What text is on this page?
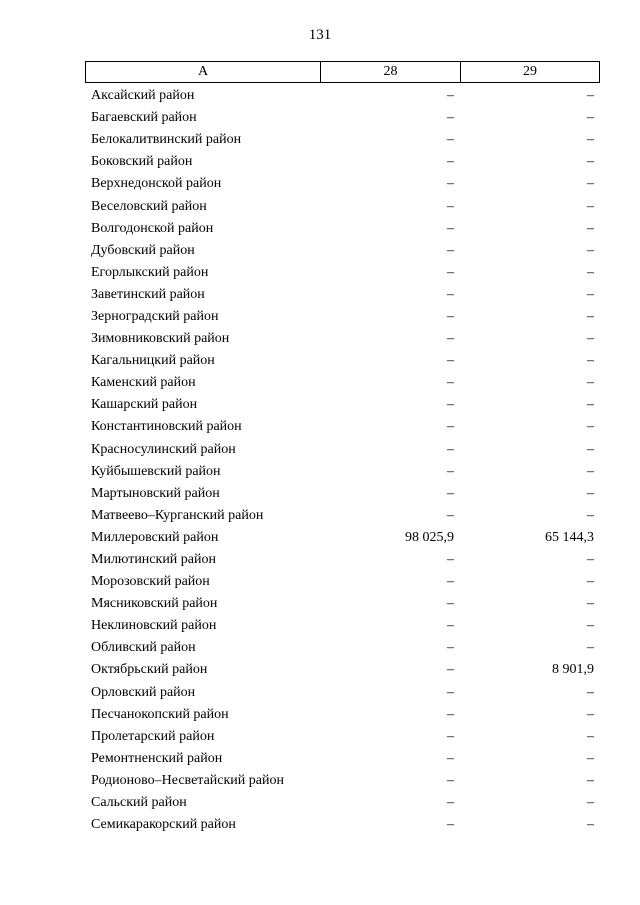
131
А	28	29
Аксайский район	–	–
Багаевский район	–	–
Белокалитвинский район	–	–
Боковский район	–	–
Верхнедонской район	–	–
Веселовский район	–	–
Волгодонской район	–	–
Дубовский район	–	–
Егорлыкский район	–	–
Заветинский район	–	–
Зерноградский район	–	–
Зимовниковский район	–	–
Кагальницкий район	–	–
Каменский район	–	–
Кашарский район	–	–
Константиновский район	–	–
Красносулинский район	–	–
Куйбышевский район	–	–
Мартыновский район	–	–
Матвеево–Курганский район	–	–
Миллеровский район	98 025,9	65 144,3
Милютинский район	–	–
Морозовский район	–	–
Мясниковский район	–	–
Неклиновский район	–	–
Обливский район	–	–
Октябрьский район	–	8 901,9
Орловский район	–	–
Песчанокопский район	–	–
Пролетарский район	–	–
Ремонтненский район	–	–
Родионово–Несветайский район	–	–
Сальский район	–	–
Семикаракорский район	–	–
